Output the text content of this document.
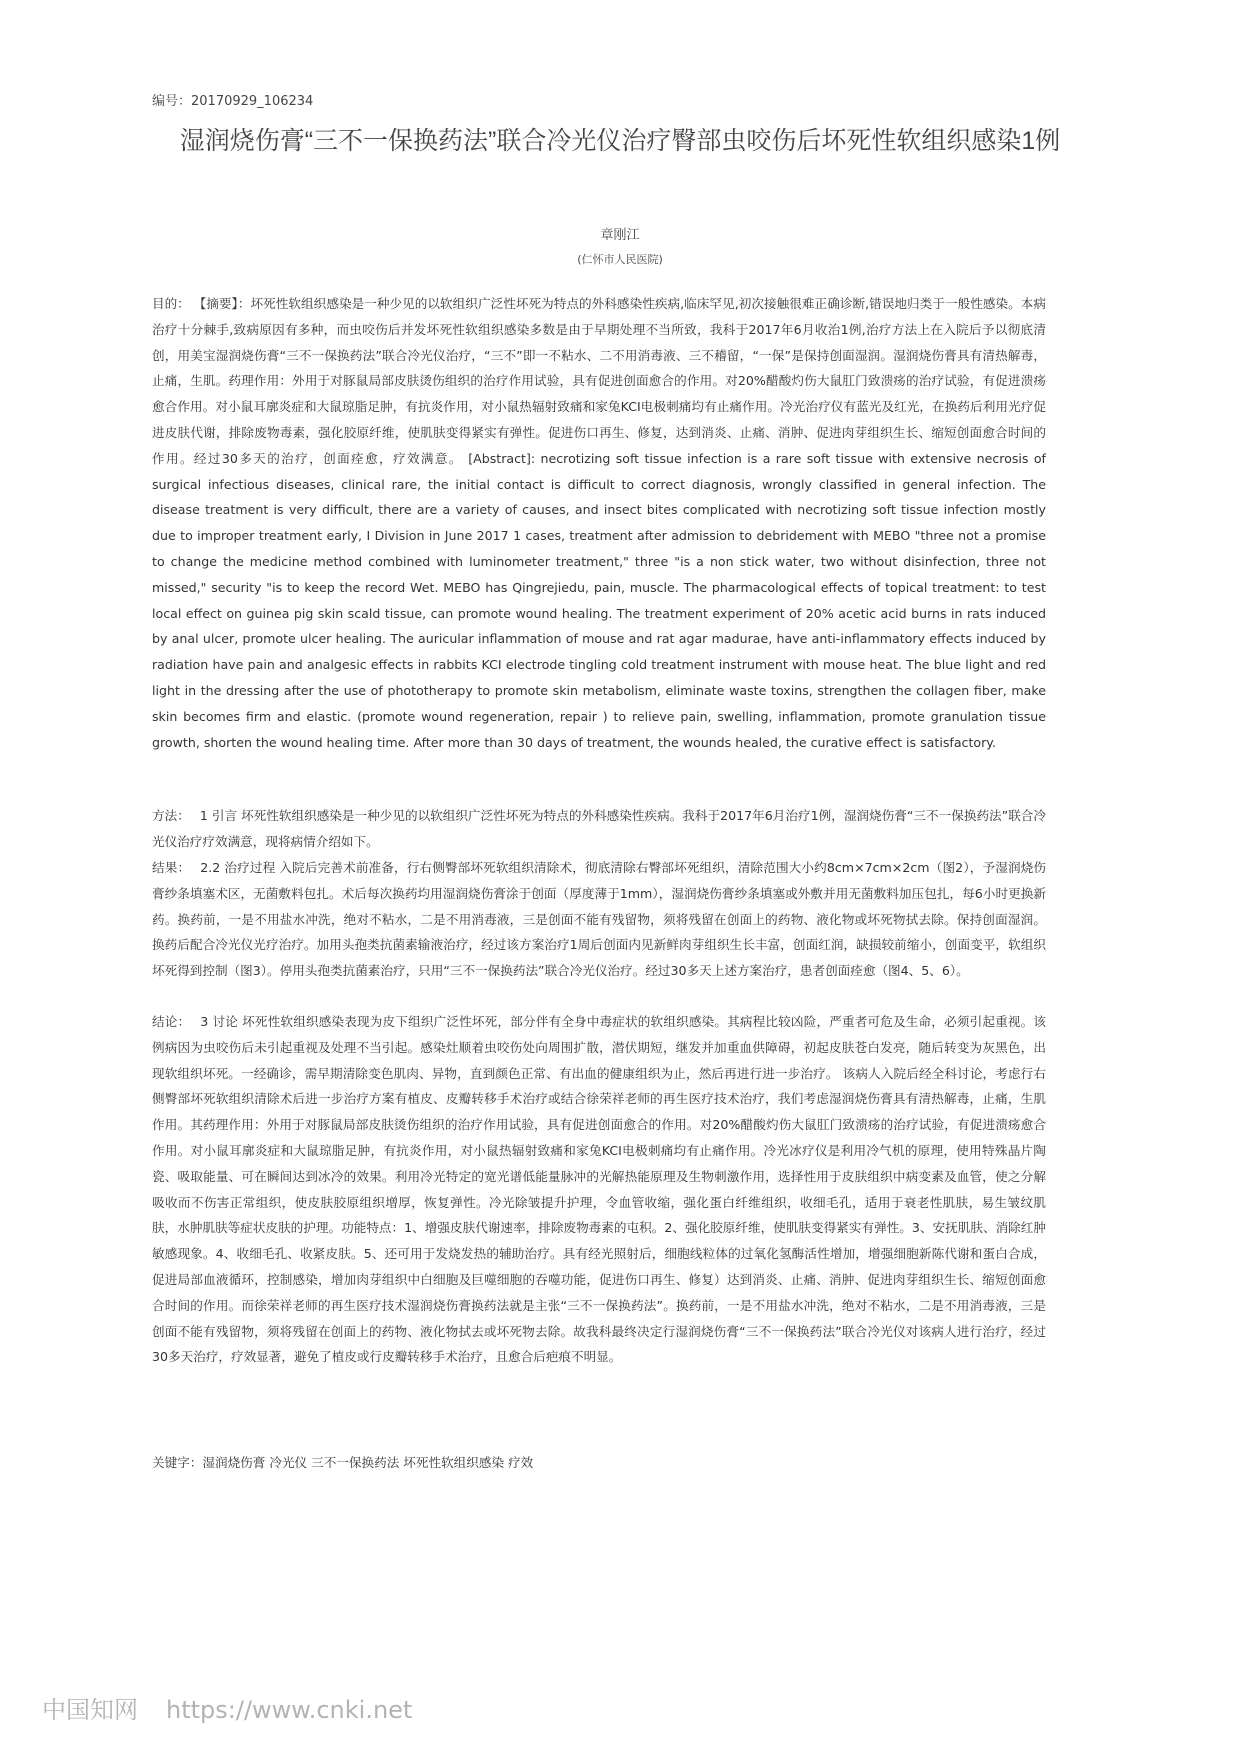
编号：20170929_106234
湿润烧伤膏“三不一保换药法”联合冷光仪治疗臀部虫咬伤后坏死性软组织感染1例
章刚江
(仁怀市人民医院)

目的： 【摘要】：坏死性软组织感染是一种少见的以软组织广泛性坏死为特点的外科感染性疾病,临床罕见,初次接触很难正确诊断,错误地归类于一般性感染。本病治疗十分棘手,致病原因有多种，而虫咬伤后并发坏死性软组织感染多数是由于早期处理不当所致，我科于2017年6月收治1例,治疗方法上在入院后予以彻底清创，用美宝湿润烧伤膏“三不一保换药法”联合冷光仪治疗，“三不”即一不粘水、二不用消毒液、三不稽留，“一保”是保持创面湿润。湿润烧伤膏具有清热解毒，止痛，生肌。药理作用：外用于对豚鼠局部皮肤烫伤组织的治疗作用试验，具有促进创面愈合的作用。对20%醋酸灼伤大鼠肛门致溃疡的治疗试验，有促进溃疡愈合作用。对小鼠耳廓炎症和大鼠琼脂足肿，有抗炎作用，对小鼠热辐射致痛和家兔KCI电极刺痛均有止痛作用。冷光治疗仪有蓝光及红光，在换药后利用光疗促进皮肤代谢，排除废物毒素，强化胶原纤维，使肌肤变得紧实有弹性。促进伤口再生、修复，达到消炎、止痛、消肿、促进肉芽组织生长、缩短创面愈合时间的作用。经过30多天的治疗，创面痊愈，疗效满意。 [Abstract]: necrotizing soft tissue infection is a rare soft tissue with extensive necrosis of surgical infectious diseases, clinical rare, the initial contact is difficult to correct diagnosis, wrongly classified in general infection. The disease treatment is very difficult, there are a variety of causes, and insect bites complicated with necrotizing soft tissue infection mostly due to improper treatment early, I Division in June 2017 1 cases, treatment after admission to debridement with MEBO "three not a promise to change the medicine method combined with luminometer treatment," three "is a non stick water, two without disinfection, three not missed," security "is to keep the record Wet. MEBO has Qingrejiedu, pain, muscle. The pharmacological effects of topical treatment: to test local effect on guinea pig skin scald tissue, can promote wound healing. The treatment experiment of 20% acetic acid burns in rats induced by anal ulcer, promote ulcer healing. The auricular inflammation of mouse and rat agar madurae, have anti-inflammatory effects induced by radiation have pain and analgesic effects in rabbits KCI electrode tingling cold treatment instrument with mouse heat. The blue light and red light in the dressing after the use of phototherapy to promote skin metabolism, eliminate waste toxins, strengthen the collagen fiber, make skin becomes firm and elastic. (promote wound regeneration, repair ) to relieve pain, swelling, inflammation, promote granulation tissue growth, shorten the wound healing time. After more than 30 days of treatment, the wounds healed, the curative effect is satisfactory.

方法： 1 引言 坏死性软组织感染是一种少见的以软组织广泛性坏死为特点的外科感染性疾病。我科于2017年6月治疗1例，湿润烧伤膏“三不一保换药法”联合冷光仪治疗疗效满意，现将病情介绍如下。

结果： 2.2 治疗过程 入院后完善术前准备，行右侧臀部坏死软组织清除术，彻底清除右臀部坏死组织，清除范围大小约8cm×7cm×2cm（图2），予湿润烧伤膏纱条填塞术区，无菌敷料包扎。术后每次换药均用湿润烧伤膏涂于创面（厚度薄于1mm），湿润烧伤膏纱条填塞或外敷并用无菌敷料加压包扎，每6小时更换新药。换药前，一是不用盐水冲洗，绝对不粘水，二是不用消毒液，三是创面不能有残留物，须将残留在创面上的药物、液化物或坏死物拭去除。保持创面湿润。换药后配合冷光仪光疗治疗。加用头孢类抗菌素输液治疗，经过该方案治疗1周后创面内见新鲜肉芽组织生长丰富，创面红润，缺损较前缩小，创面变平，软组织坏死得到控制（图3）。停用头孢类抗菌素治疗，只用“三不一保换药法”联合冷光仪治疗。经过30多天上述方案治疗，患者创面痊愈（图4、5、6）。

结论： 3 讨论 坏死性软组织感染表现为皮下组织广泛性坏死，部分伴有全身中毒症状的软组织感染。其病程比较凶险，严重者可危及生命，必须引起重视。该例病因为虫咬伤后未引起重视及处理不当引起。感染灶顺着虫咬伤处向周围扩散，潜伏期短，继发并加重血供障碍，初起皮肤苍白发亮，随后转变为灰黑色，出现软组织坏死。一经确诊，需早期清除变色肌肉、异物，直到颜色正常、有出血的健康组织为止，然后再进行进一步治疗。 该病人入院后经全科讨论，考虑行右侧臀部坏死软组织清除术后进一步治疗方案有植皮、皮瓣转移手术治疗或结合徐荣祥老师的再生医疗技术治疗，我们考虑湿润烧伤膏具有清热解毒，止痛，生肌作用。其药理作用：外用于对豚鼠局部皮肤烫伤组织的治疗作用试验，具有促进创面愈合的作用。对20%醋酸灼伤大鼠肛门致溃疡的治疗试验，有促进溃疡愈合作用。对小鼠耳廓炎症和大鼠琼脂足肿，有抗炎作用，对小鼠热辐射致痛和家兔KCI电极刺痛均有止痛作用。冷光冰疗仪是利用冷气机的原理，使用特殊晶片陶瓷、吸取能量、可在瞬间达到冰冷的效果。利用冷光特定的宽光谱低能量脉冲的光解热能原理及生物刺激作用，选择性用于皮肤组织中病变素及血管，使之分解吸收而不伤害正常组织，使皮肤胶原组织增厚，恢复弹性。冷光除皱提升护理，令血管收缩，强化蛋白纤维组织，收细毛孔，适用于衰老性肌肤，易生皱纹肌肤，水肿肌肤等症状皮肤的护理。功能特点：1、增强皮肤代谢速率，排除废物毒素的屯积。2、强化胶原纤维，使肌肤变得紧实有弹性。3、安抚肌肤、消除红肿敏感现象。4、收细毛孔、收紧皮肤。5、还可用于发烧发热的辅助治疗。具有经光照射后，细胞线粒体的过氧化氢酶活性增加，增强细胞新陈代谢和蛋白合成，促进局部血液循环，控制感染，增加肉芽组织中白细胞及巨噬细胞的吞噬功能，促进伤口再生、修复）达到消炎、止痛、消肿、促进肉芽组织生长、缩短创面愈合时间的作用。而徐荣祥老师的再生医疗技术湿润烧伤膏换药法就是主张“三不一保换药法”。换药前，一是不用盐水冲洗，绝对不粘水，二是不用消毒液，三是创面不能有残留物，须将残留在创面上的药物、液化物拭去或坏死物去除。故我科最终决定行湿润烧伤膏“三不一保换药法”联合冷光仪对该病人进行治疗，经过30多天治疗，疗效显著，避免了植皮或行皮瓣转移手术治疗，且愈合后疤痕不明显。

关键字：湿润烧伤膏 冷光仪 三不一保换药法 坏死性软组织感染 疗效
中国知网 https://www.cnki.net
